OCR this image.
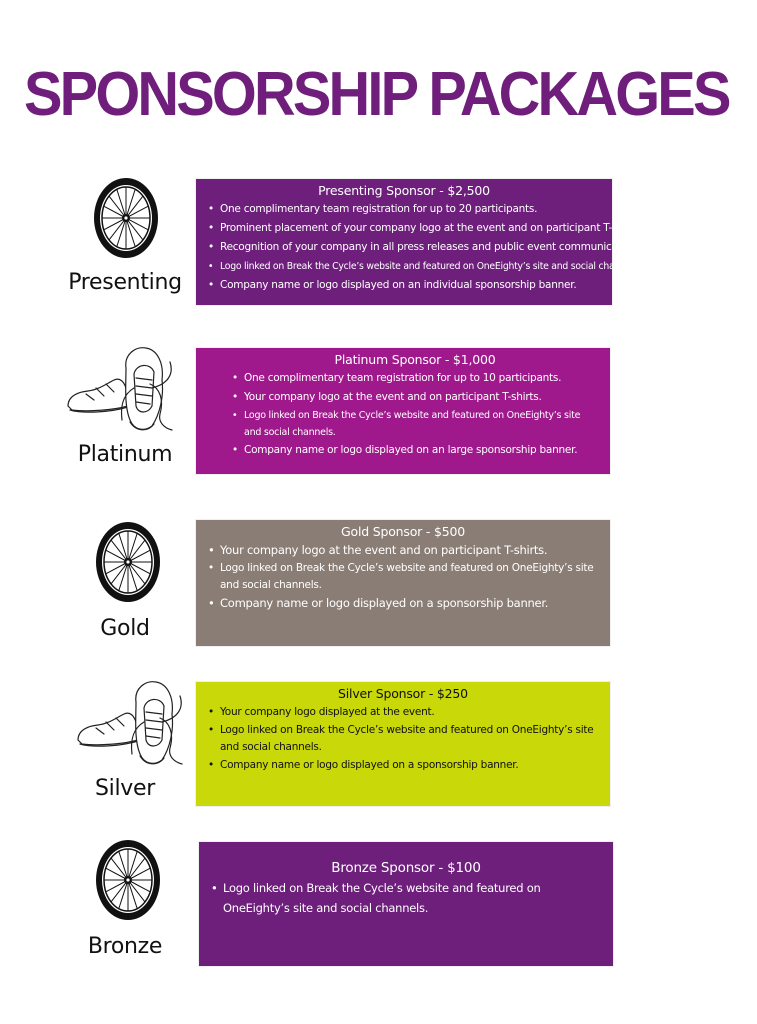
SPONSORSHIP PACKAGES
Presenting
Presenting Sponsor - $2,500
• One complimentary team registration for up to 20 participants.
• Prominent placement of your company logo at the event and on participant T-shirts.
• Recognition of your company in all press releases and public event communications.
• Logo linked on Break the Cycle’s website and featured on OneEighty’s site and social channels.
• Company name or logo displayed on an individual sponsorship banner.
Platinum
Platinum Sponsor - $1,000
• One complimentary team registration for up to 10 participants.
• Your company logo at the event and on participant T-shirts.
• Logo linked on Break the Cycle’s website and featured on OneEighty’s site and social channels.
• Company name or logo displayed on an large sponsorship banner.
Gold
Gold Sponsor - $500
• Your company logo at the event and on participant T-shirts.
• Logo linked on Break the Cycle’s website and featured on OneEighty’s site and social channels.
• Company name or logo displayed on a sponsorship banner.
Silver
Silver Sponsor - $250
• Your company logo displayed at the event.
• Logo linked on Break the Cycle’s website and featured on OneEighty’s site and social channels.
• Company name or logo displayed on a sponsorship banner.
Bronze
Bronze Sponsor - $100
• Logo linked on Break the Cycle’s website and featured on OneEighty’s site and social channels.
